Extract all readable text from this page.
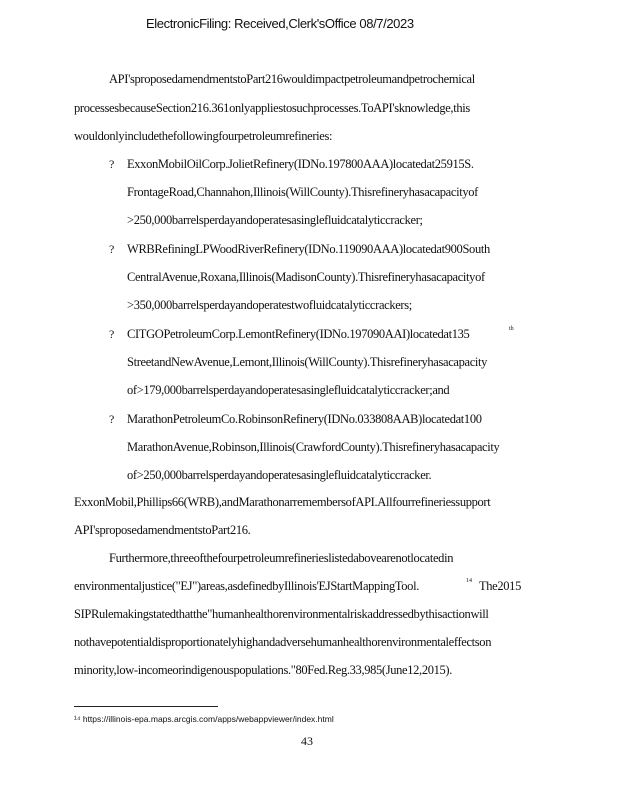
ElectronicFiling: Received,Clerk'sOffice 08/7/2023
API'sproposedamendmentstoPart216wouldimpactpetroleumandpetrochemical
processesbecauseSection216.361onlyappliestosuchprocesses.ToAPI'sknowledge,this
wouldonlyincludethefollowingfourpetroleumrefineries:
? ExxonMobilOilCorp.JolietRefinery(IDNo.197800AAA)locatedat25915S.
FrontageRoad,Channahon,Illinois(WillCounty).Thisrefineryhasacapacityof
>250,000barrelsperdayandoperatesasinglefluidcatalyticcracker;
? WRBRefiningLPWoodRiverRefinery(IDNo.119090AAA)locatedat900South
CentralAvenue,Roxana,Illinois(MadisonCounty).Thisrefineryhasacapacityof
>350,000barrelsperdayandoperatestwofluidcatalyticcrackers;
? CITGOPetroleumCorp.LemontRefinery(IDNo.197090AAI)locatedat135	th
StreetandNewAvenue,Lemont,Illinois(WillCounty).Thisrefineryhasacapacity
of>179,000barrelsperdayandoperatesasinglefluidcatalyticcracker;and
? MarathonPetroleumCo.RobinsonRefinery(IDNo.033808AAB)locatedat100
MarathonAvenue,Robinson,Illinois(CrawfordCounty).Thisrefineryhasacapacity
of>250,000barrelsperdayandoperatesasinglefluidcatalyticcracker.
ExxonMobil,Phillips66(WRB),andMarathonarremembersofAPI.Allfourrefineriessupport
API'sproposedamendmentstoPart216.
Furthermore,threeofthefourpetroleumrefinerieslistedabovearenotlocatedin
environmentaljustice("EJ")areas,asdefinedbyIllinois'EJStartMappingTool.	14 The2015
SIPRulemakingstatedthatthe"humanhealthorenvironmentalriskaddressedbythisactionwill
nothavepotentialdisproportionatelyhighandadversehumanhealthorenvironmentaleffectson
minority,low-incomeorindigenouspopulations."80Fed.Reg.33,985(June12,2015).
¹⁴ https://illinois-epa.maps.arcgis.com/apps/webappviewer/index.html
43
